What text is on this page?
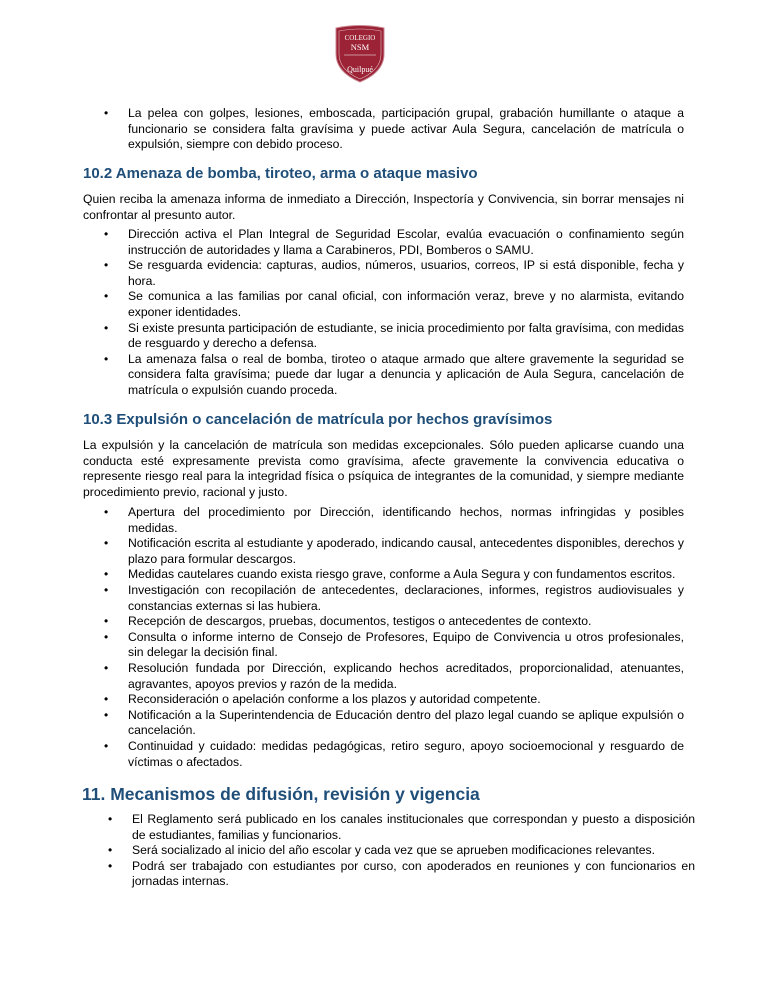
COLEGIO
NSM
Quilpué
• La pelea con golpes, lesiones, emboscada, participación grupal, grabación humillante o ataque a funcionario se considera falta gravísima y puede activar Aula Segura, cancelación de matrícula o expulsión, siempre con debido proceso.
10.2 Amenaza de bomba, tiroteo, arma o ataque masivo

Quien reciba la amenaza informa de inmediato a Dirección, Inspectoría y Convivencia, sin borrar mensajes ni confrontar al presunto autor.

• Dirección activa el Plan Integral de Seguridad Escolar, evalúa evacuación o confinamiento según instrucción de autoridades y llama a Carabineros, PDI, Bomberos o SAMU.
• Se resguarda evidencia: capturas, audios, números, usuarios, correos, IP si está disponible, fecha y hora.
• Se comunica a las familias por canal oficial, con información veraz, breve y no alarmista, evitando exponer identidades.
• Si existe presunta participación de estudiante, se inicia procedimiento por falta gravísima, con medidas de resguardo y derecho a defensa.
• La amenaza falsa o real de bomba, tiroteo o ataque armado que altere gravemente la seguridad se considera falta gravísima; puede dar lugar a denuncia y aplicación de Aula Segura, cancelación de matrícula o expulsión cuando proceda.
10.3 Expulsión o cancelación de matrícula por hechos gravísimos

La expulsión y la cancelación de matrícula son medidas excepcionales. Sólo pueden aplicarse cuando una conducta esté expresamente prevista como gravísima, afecte gravemente la convivencia educativa o represente riesgo real para la integridad física o psíquica de integrantes de la comunidad, y siempre mediante procedimiento previo, racional y justo.

• Apertura del procedimiento por Dirección, identificando hechos, normas infringidas y posibles medidas.
• Notificación escrita al estudiante y apoderado, indicando causal, antecedentes disponibles, derechos y plazo para formular descargos.
• Medidas cautelares cuando exista riesgo grave, conforme a Aula Segura y con fundamentos escritos.
• Investigación con recopilación de antecedentes, declaraciones, informes, registros audiovisuales y constancias externas si las hubiera.
• Recepción de descargos, pruebas, documentos, testigos o antecedentes de contexto.
• Consulta o informe interno de Consejo de Profesores, Equipo de Convivencia u otros profesionales, sin delegar la decisión final.
• Resolución fundada por Dirección, explicando hechos acreditados, proporcionalidad, atenuantes, agravantes, apoyos previos y razón de la medida.
• Reconsideración o apelación conforme a los plazos y autoridad competente.
• Notificación a la Superintendencia de Educación dentro del plazo legal cuando se aplique expulsión o cancelación.
• Continuidad y cuidado: medidas pedagógicas, retiro seguro, apoyo socioemocional y resguardo de víctimas o afectados.
11. Mecanismos de difusión, revisión y vigencia
• El Reglamento será publicado en los canales institucionales que correspondan y puesto a disposición de estudiantes, familias y funcionarios.
• Será socializado al inicio del año escolar y cada vez que se aprueben modificaciones relevantes.
• Podrá ser trabajado con estudiantes por curso, con apoderados en reuniones y con funcionarios en jornadas internas.
